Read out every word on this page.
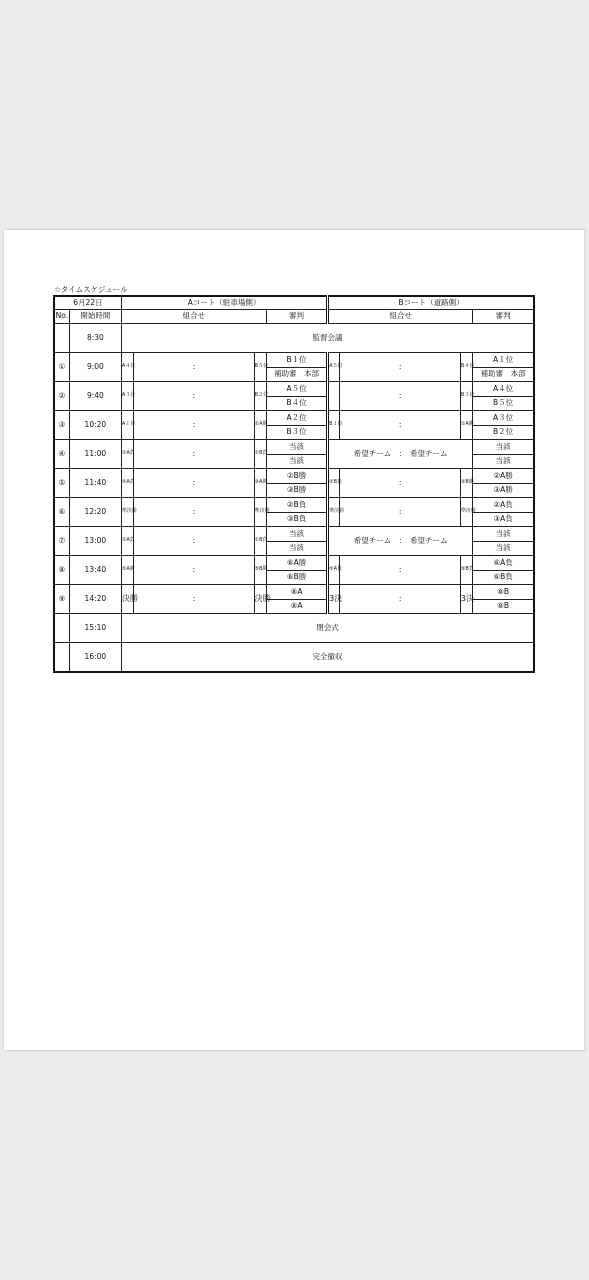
☆タイムスケジュール
6月22日		Aコート（駐車場側）				Bコート（道路側）			
No.	開始時間	組合せ			審判	組合せ			審判
	8:30	監督会議							
①	9:00	A４位	:	B５位	B１位	A５位	:	B４位	A１位
					補助審　本部				補助審　本部
②	9:40	A３位	:	B２位	A５位		:	B３位	A４位
					B４位				B５位
③	10:20	A１位	:	①A勝	A２位	B１位	:	①A勝	A３位
					B３位				B２位
④	11:00	①A負	:	①B負	当該	希望チーム　：　希望チーム			当該
					当該				当該
⑤	11:40	②A負	:	③A勝	②B勝	②B負	:	③B勝	②A勝
					③B勝				③A勝
⑥	12:20	準決勝	:	準決勝	②B負	準決勝	:	準決勝	②A負
					③B負				③A負
⑦	13:00	①A負	:	①B負	当該	希望チーム　：　希望チーム			当該
					当該				当該
⑧	13:40	⑤A勝	:	⑤B勝	⑥A勝	⑤A負	:	⑤B負	⑥A負
					⑥B勝				⑥B負
⑨	14:20	決勝	:	決勝	⑧A	3決	:	3決	⑧B
					⑧A				⑧B
	15:10	閉会式							
	16:00	完全撤収							
